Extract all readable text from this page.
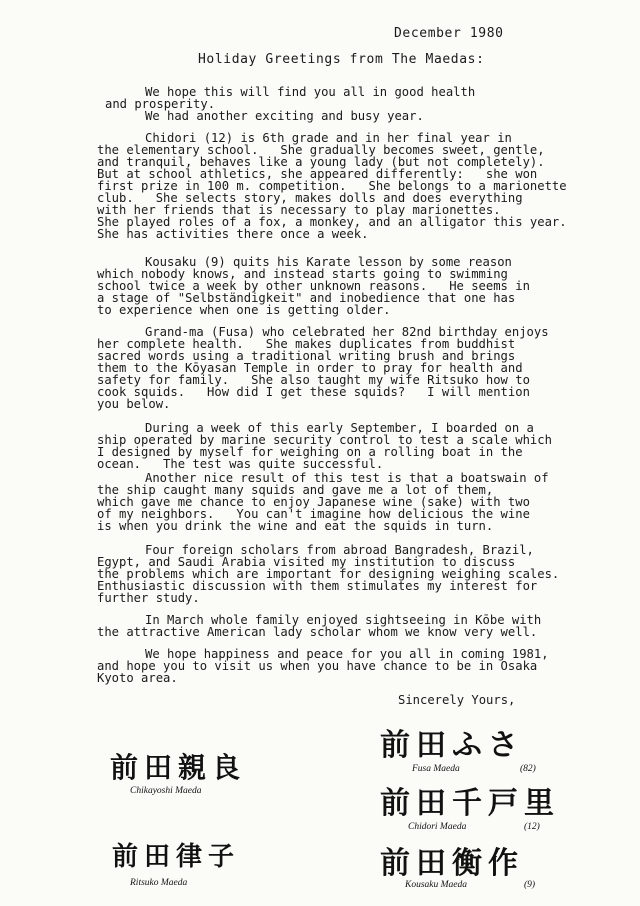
December 1980
Holiday Greetings from The Maedas:
We hope this will find you all in good health
and prosperity.
We had another exciting and busy year.
Chidori (12) is 6th grade and in her final year in
the elementary school.   She gradually becomes sweet, gentle,
and tranquil, behaves like a young lady (but not completely).
But at school athletics, she appeared differently:   she won
first prize in 100 m. competition.   She belongs to a marionette
club.   She selects story, makes dolls and does everything
with her friends that is necessary to play marionettes.
She played roles of a fox, a monkey, and an alligator this year.
She has activities there once a week.
Kousaku (9) quits his Karate lesson by some reason
which nobody knows, and instead starts going to swimming
school twice a week by other unknown reasons.   He seems in
a stage of "Selbständigkeit" and inobedience that one has
to experience when one is getting older.
Grand-ma (Fusa) who celebrated her 82nd birthday enjoys
her complete health.   She makes duplicates from buddhist
sacred words using a traditional writing brush and brings
them to the Kōyasan Temple in order to pray for health and
safety for family.   She also taught my wife Ritsuko how to
cook squids.   How did I get these squids?   I will mention
you below.
During a week of this early September, I boarded on a
ship operated by marine security control to test a scale which
I designed by myself for weighing on a rolling boat in the
ocean.   The test was quite successful.
Another nice result of this test is that a boatswain of
the ship caught many squids and gave me a lot of them,
which gave me chance to enjoy Japanese wine (sake) with two
of my neighbors.   You can't imagine how delicious the wine
is when you drink the wine and eat the squids in turn.
Four foreign scholars from abroad Bangradesh, Brazil,
Egypt, and Saudi Arabia visited my institution to discuss
the problems which are important for designing weighing scales.
Enthusiastic discussion with them stimulates my interest for
further study.
In March whole family enjoyed sightseeing in Kōbe with
the attractive American lady scholar whom we know very well.
We hope happiness and peace for you all in coming 1981,
and hope you to visit us when you have chance to be in Osaka
Kyoto area.
Sincerely Yours,
前田ふさ
Fusa Maeda	(82)
前田千戸里
Chidori Maeda	(12)
前田衡作
Kousaku Maeda	(9)
前田親良
Chikayoshi Maeda
前田律子
Ritsuko Maeda
